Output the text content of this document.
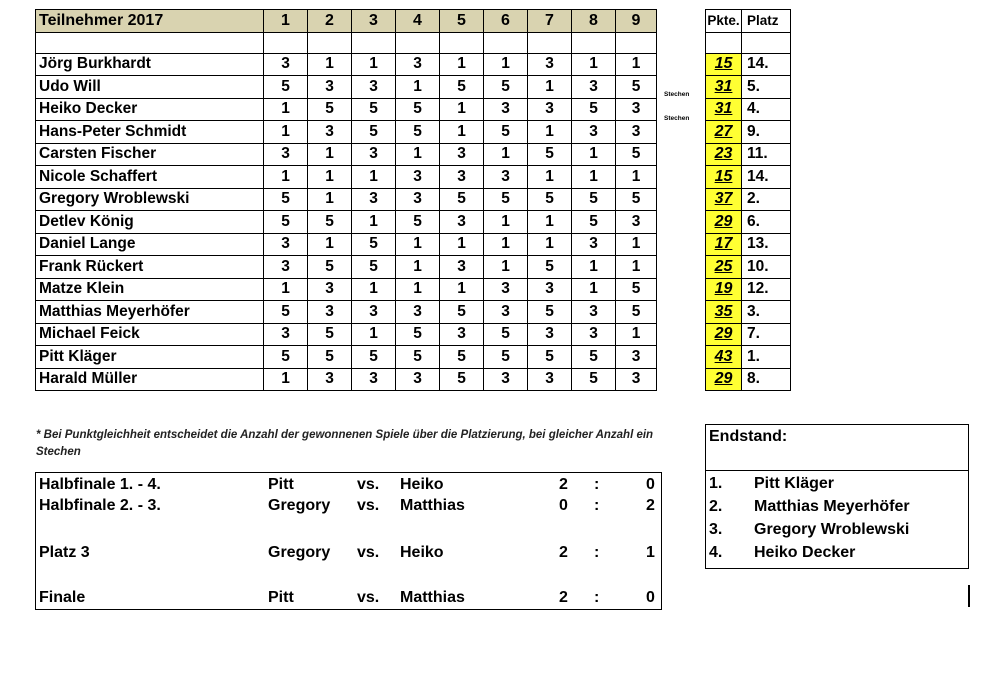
Teilnehmer 2017	1	2	3	4	5	6	7	8	9

Jörg Burkhardt	3	1	1	3	1	1	3	1	1
Udo Will	5	3	3	1	5	5	1	3	5
Heiko Decker	1	5	5	5	1	3	3	5	3
Hans-Peter Schmidt	1	3	5	5	1	5	1	3	3
Carsten Fischer	3	1	3	1	3	1	5	1	5
Nicole Schaffert	1	1	1	3	3	3	1	1	1
Gregory Wroblewski	5	1	3	3	5	5	5	5	5
Detlev König	5	5	1	5	3	1	1	5	3
Daniel Lange	3	1	5	1	1	1	1	3	1
Frank Rückert	3	5	5	1	3	1	5	1	1
Matze Klein	1	3	1	1	1	3	3	1	5
Matthias Meyerhöfer	5	3	3	3	5	3	5	3	5
Michael Feick	3	5	1	5	3	5	3	3	1
Pitt Kläger	5	5	5	5	5	5	5	5	3
Harald Müller	1	3	3	3	5	3	3	5	3
Pkte.	Platz

15	14.
31	5.
31	4.
27	9.
23	11.
15	14.
37	2.
29	6.
17	13.
25	10.
19	12.
35	3.
29	7.
43	1.
29	8.
Stechen
Stechen
* Bei Punktgleichheit entscheidet die Anzahl der gewonnenen Spiele über die Platzierung, bei gleicher Anzahl ein Stechen
Halbfinale 1. - 4.	Pitt	vs. Heiko	2 :	0
Halbfinale 2. - 3.	Gregory vs. Matthias	0 :	2
Platz 3	Gregory vs. Heiko	2 :	1
Finale	Pitt	vs. Matthias	2 :	0
Endstand:
1. Pitt Kläger
2. Matthias Meyerhöfer
3. Gregory Wroblewski
4. Heiko Decker
